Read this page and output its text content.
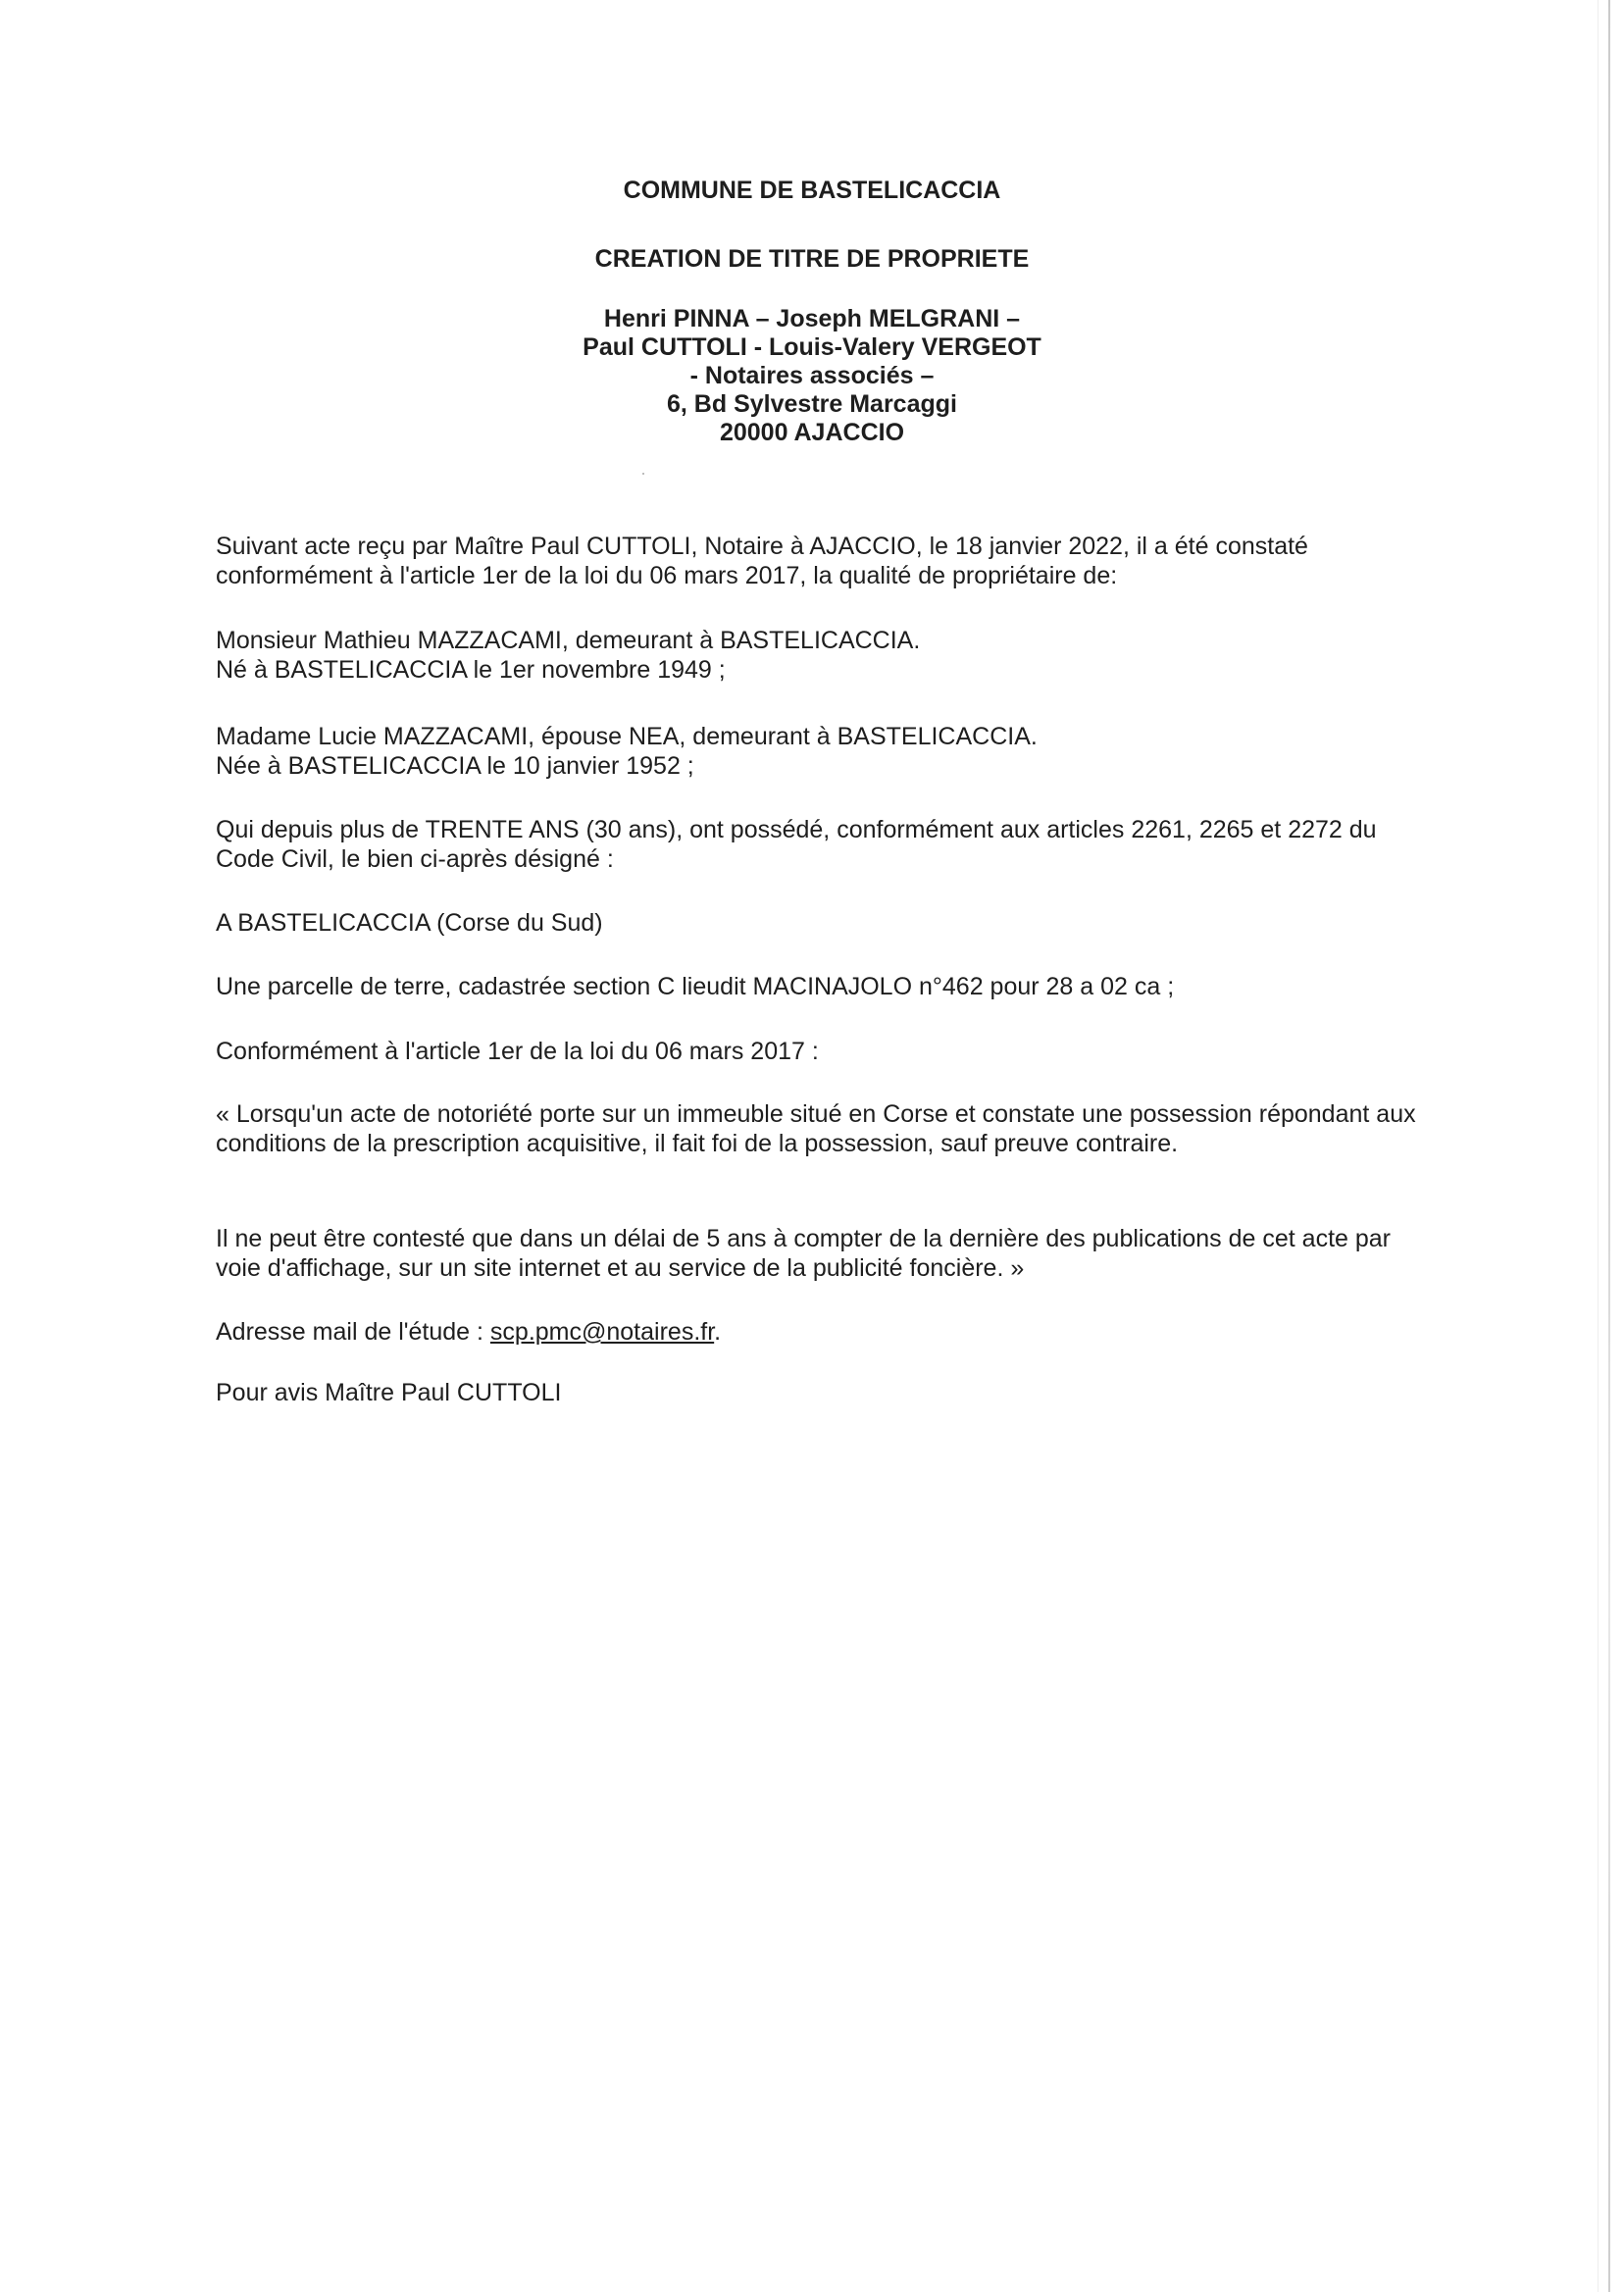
COMMUNE DE BASTELICACCIA
CREATION DE TITRE DE PROPRIETE
Henri PINNA – Joseph MELGRANI –
Paul CUTTOLI - Louis-Valery VERGEOT
- Notaires associés –
6, Bd Sylvestre Marcaggi
20000 AJACCIO

Suivant acte reçu par Maître Paul CUTTOLI, Notaire à AJACCIO, le 18 janvier 2022, il a été constaté conformément à l'article 1er de la loi du 06 mars 2017, la qualité de propriétaire de:

Monsieur Mathieu MAZZACAMI, demeurant à BASTELICACCIA.

Né à BASTELICACCIA le 1er novembre 1949 ;

Madame Lucie MAZZACAMI, épouse NEA, demeurant à BASTELICACCIA.

Née à BASTELICACCIA le 10 janvier 1952 ;

Qui depuis plus de TRENTE ANS (30 ans), ont possédé, conformément aux articles 2261, 2265 et 2272 du Code Civil, le bien ci-après désigné :

A BASTELICACCIA (Corse du Sud)

Une parcelle de terre, cadastrée section C lieudit MACINAJOLO n°462 pour 28 a 02 ca ;

Conformément à l'article 1er de la loi du 06 mars 2017 :

« Lorsqu'un acte de notoriété porte sur un immeuble situé en Corse et constate une possession répondant aux conditions de la prescription acquisitive, il fait foi de la possession, sauf preuve contraire.

Il ne peut être contesté que dans un délai de 5 ans à compter de la dernière des publications de cet acte par voie d'affichage, sur un site internet et au service de la publicité foncière. »

Adresse mail de l'étude : scp.pmc@notaires.fr.

Pour avis Maître Paul CUTTOLI
